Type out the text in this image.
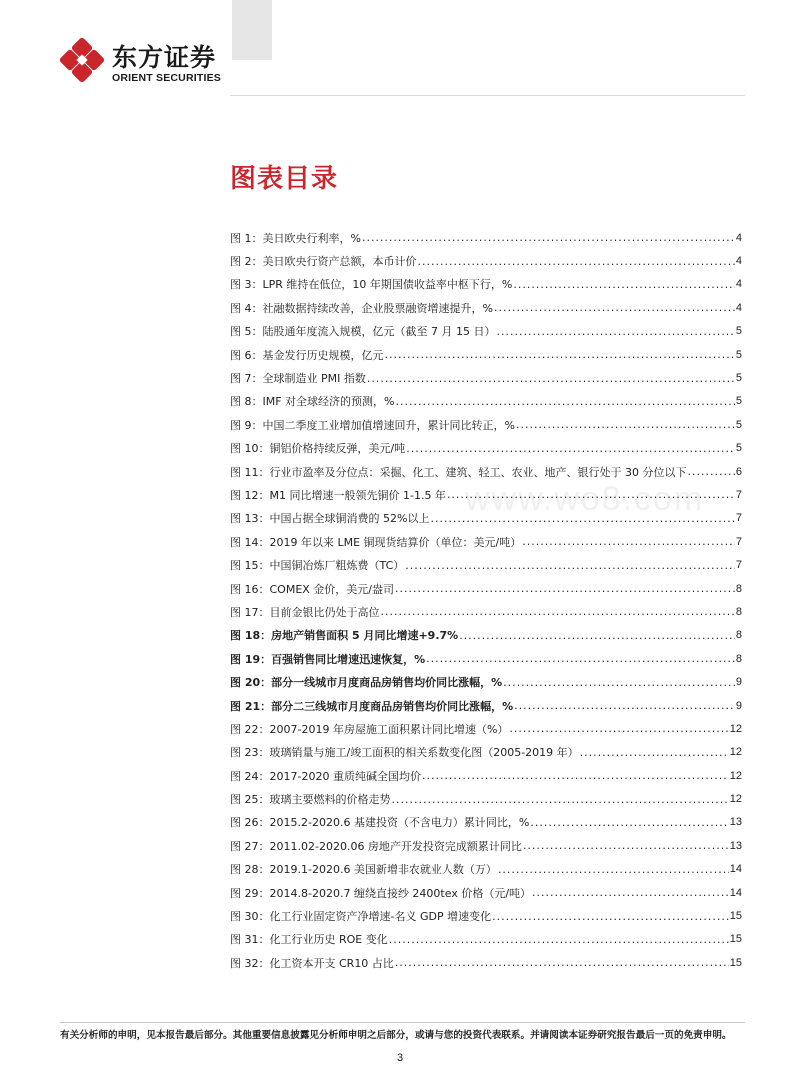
东方证券
ORIENT SECURITIES
图表目录
图 1：美日欧央行利率，% .....	4
图 2：美日欧央行资产总额，本币计价 .....	4
图 3：LPR 维持在低位，10 年期国债收益率中枢下行，% .....	4
图 4：社融数据持续改善，企业股票融资增速提升，% .....	4
图 5：陆股通年度流入规模，亿元（截至 7 月 15 日） .....	5
图 6：基金发行历史规模，亿元 .....	5
图 7：全球制造业 PMI 指数 .....	5
图 8：IMF 对全球经济的预测，% .....	5
图 9：中国二季度工业增加值增速回升，累计同比转正，% .....	5
图 10：铜铝价格持续反弹，美元/吨 .....	5
图 11：行业市盈率及分位点：采掘、化工、建筑、轻工、农业、地产、银行处于 30 分位以下 .....	6
图 12：M1 同比增速一般领先铜价 1-1.5 年 .....	7
图 13：中国占据全球铜消费的 52%以上 .....	7
图 14：2019 年以来 LME 铜现货结算价（单位：美元/吨） .....	7
图 15：中国铜冶炼厂粗炼费（TC） .....	7
图 16：COMEX 金价，美元/盎司 .....	8
图 17：目前金银比仍处于高位 .....	8
图 18：房地产销售面积 5 月同比增速+9.7% .....	8
图 19：百强销售同比增速迅速恢复，% .....	8
图 20：部分一线城市月度商品房销售均价同比涨幅，% .....	9
图 21：部分二三线城市月度商品房销售均价同比涨幅，% .....	9
图 22：2007-2019 年房屋施工面积累计同比增速（%） .....	12
图 23：玻璃销量与施工/竣工面积的相关系数变化图（2005-2019 年） .....	12
图 24：2017-2020 重质纯碱全国均价 .....	12
图 25：玻璃主要燃料的价格走势 .....	12
图 26：2015.2-2020.6 基建投资（不含电力）累计同比，% .....	13
图 27：2011.02-2020.06 房地产开发投资完成额累计同比 .....	13
图 28：2019.1-2020.6 美国新增非农就业人数（万） .....	14
图 29：2014.8-2020.7 缠绕直接纱 2400tex 价格（元/吨） .....	14
图 30：化工行业固定资产净增速-名义 GDP 增速变化 .....	15
图 31：化工行业历史 ROE 变化 .....	15
图 32：化工资本开支 CR10 占比 .....	15
www.wo8.com
有关分析师的申明，见本报告最后部分。其他重要信息披露见分析师申明之后部分，或请与您的投资代表联系。并请阅读本证券研究报告最后一页的免责申明。
3
